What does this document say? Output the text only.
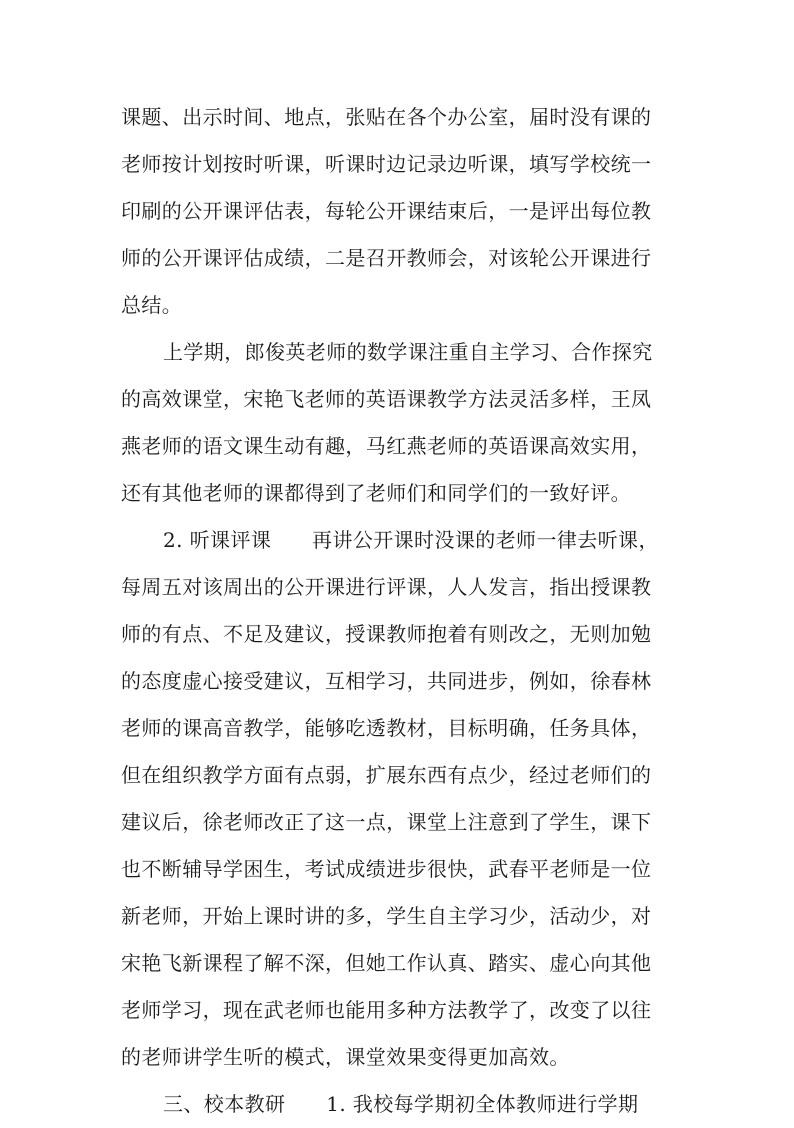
课题、出示时间、地点，张贴在各个办公室，届时没有课的
老师按计划按时听课，听课时边记录边听课，填写学校统一
印刷的公开课评估表，每轮公开课结束后，一是评出每位教
师的公开课评估成绩，二是召开教师会，对该轮公开课进行
总结。
上学期，郎俊英老师的数学课注重自主学习、合作探究
的高效课堂，宋艳飞老师的英语课教学方法灵活多样，王凤
燕老师的语文课生动有趣，马红燕老师的英语课高效实用，
还有其他老师的课都得到了老师们和同学们的一致好评。
2. 听课评课　　再讲公开课时没课的老师一律去听课，
每周五对该周出的公开课进行评课，人人发言，指出授课教
师的有点、不足及建议，授课教师抱着有则改之，无则加勉
的态度虚心接受建议，互相学习，共同进步，例如，徐春林
老师的课高音教学，能够吃透教材，目标明确，任务具体，
但在组织教学方面有点弱，扩展东西有点少，经过老师们的
建议后，徐老师改正了这一点，课堂上注意到了学生，课下
也不断辅导学困生，考试成绩进步很快，武春平老师是一位
新老师，开始上课时讲的多，学生自主学习少，活动少，对
宋艳飞新课程了解不深，但她工作认真、踏实、虚心向其他
老师学习，现在武老师也能用多种方法教学了，改变了以往
的老师讲学生听的模式，课堂效果变得更加高效。
三、校本教研　　1. 我校每学期初全体教师进行学期
